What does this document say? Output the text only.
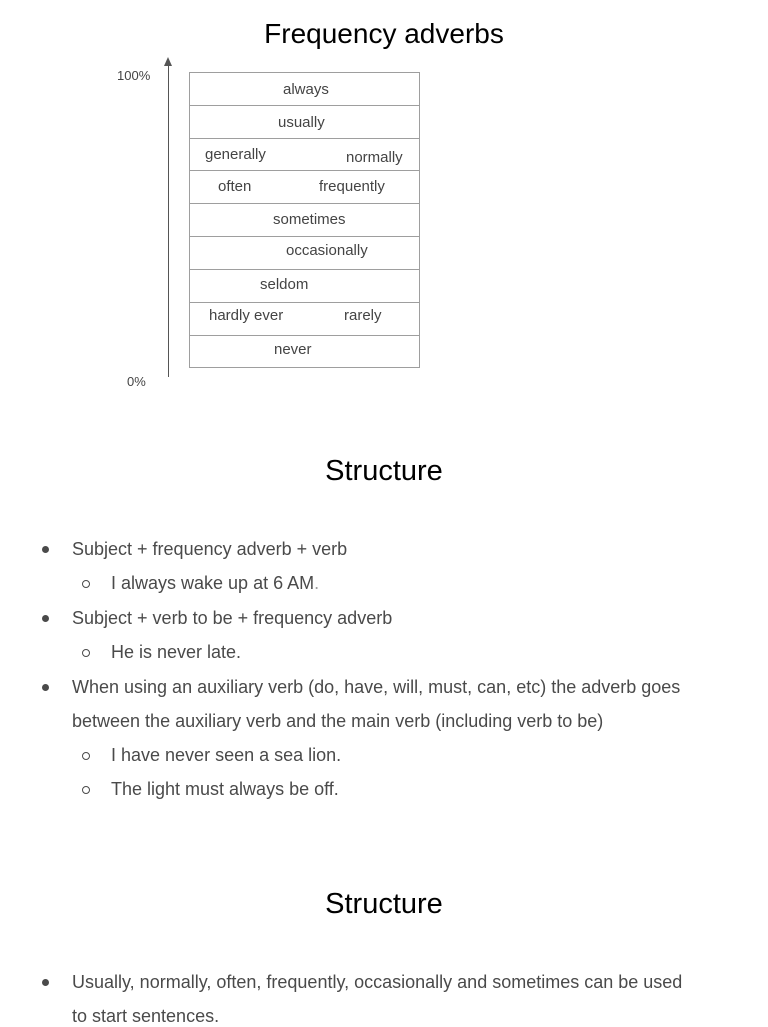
Frequency adverbs
100%
0%
always
usually
generally	normally
often	frequently
sometimes
occasionally
seldom
hardly ever	rarely
never
Structure
Subject + frequency adverb + verb
I always wake up at 6 AM.
Subject + verb to be + frequency adverb
He is never late.
When using an auxiliary verb (do, have, will, must, can, etc) the adverb goes
between the auxiliary verb and the main verb (including verb to be)
I have never seen a sea lion.
The light must always be off.
Structure
Usually, normally, often, frequently, occasionally and sometimes can be used
to start sentences.
